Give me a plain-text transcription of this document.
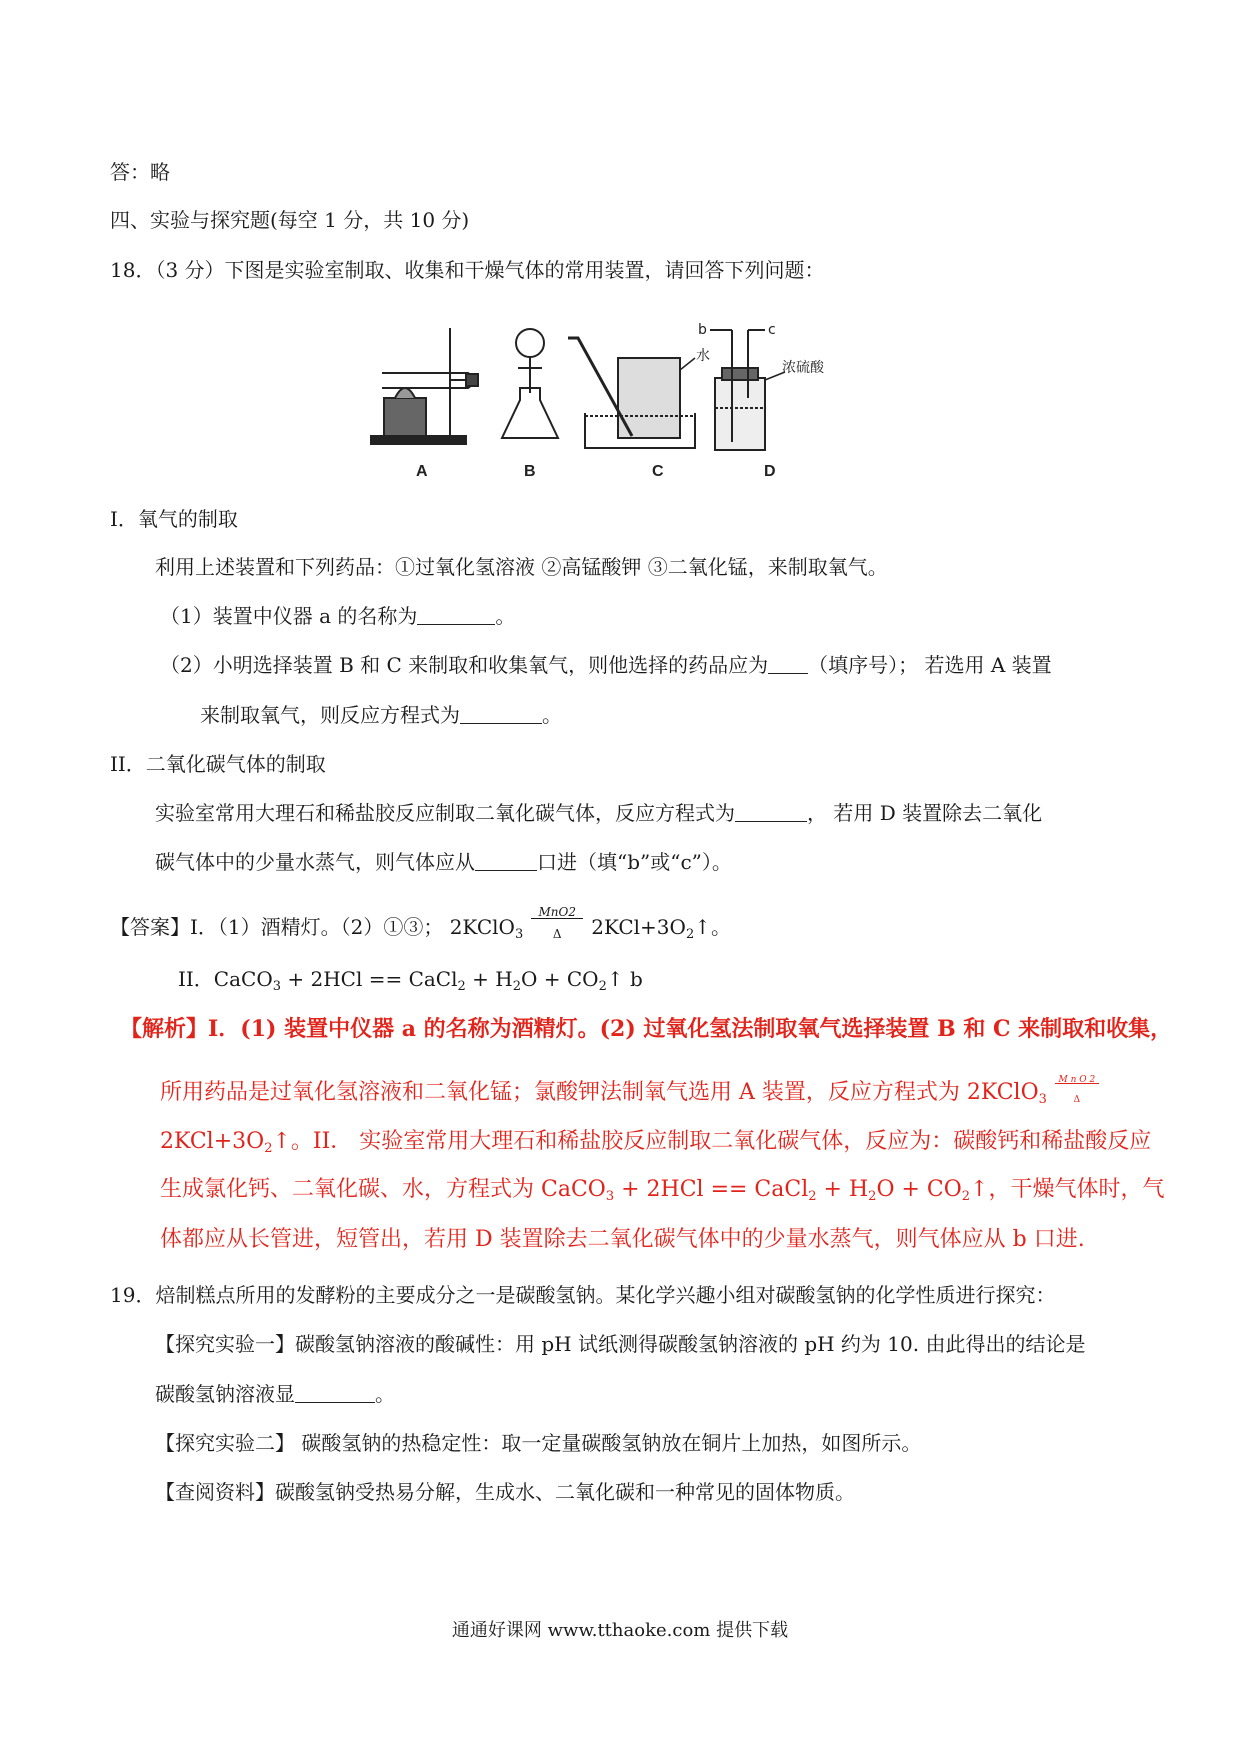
答：略
四、实验与探究题(每空 1 分，共 10 分)
18．（3 分）下图是实验室制取、收集和干燥气体的常用装置，请回答下列问题：
A	B	C	D
水
浓硫酸
b	c
I．氧气的制取
利用上述装置和下列药品：①过氧化氢溶液 ②高锰酸钾 ③二氧化锰，来制取氧气。
（1）装置中仪器 a 的名称为	。
（2）小明选择装置 B 和 C 来制取和收集氧气，则他选择的药品应为 （填序号）； 若选用 A 装置
来制取氧气，则反应方程式为	。
II．二氧化碳气体的制取
实验室常用大理石和稀盐胶反应制取二氧化碳气体，反应方程式为	， 若用 D 装置除去二氧化
碳气体中的少量水蒸气，则气体应从	口进（填“b”或“c”）。
【答案】I．（1）酒精灯。（2）①③； 2KClO$_3$
MnO2
Δ	$2KCl+3O_2↑$。
II．CaCO$_3$ + 2HCl == CaCl$_2$ + $H_2O$ + $CO_2↑$ b
【解析】I．(1) 装置中仪器 a 的名称为酒精灯。(2) 过氧化氢法制取氧气选择装置 B 和 C 来制取和收集，
所用药品是过氧化氢溶液和二氧化锰；氯酸钾法制氧气选用 A 装置，反应方程式为 2KClO$_3$
M n O 2
Δ
$2KCl+3O_2↑$。II． 实验室常用大理石和稀盐胶反应制取二氧化碳气体，反应为：碳酸钙和稀盐酸反应
生成氯化钙、二氧化碳、水，方程式为 CaCO$_3$ + 2HCl == CaCl$_2$ + $H_2O$ + $CO_2↑$，干燥气体时，气
体都应从长管进，短管出，若用 D 装置除去二氧化碳气体中的少量水蒸气，则气体应从 b 口进.
19．焙制糕点所用的发酵粉的主要成分之一是碳酸氢钠。某化学兴趣小组对碳酸氢钠的化学性质进行探究：
【探究实验一】碳酸氢钠溶液的酸碱性：用 pH 试纸测得碳酸氢钠溶液的 pH 约为 10. 由此得出的结论是
碳酸氢钠溶液显	。
【探究实验二】 碳酸氢钠的热稳定性：取一定量碳酸氢钠放在铜片上加热，如图所示。
【查阅资料】碳酸氢钠受热易分解，生成水、二氧化碳和一种常见的固体物质。
通通好课网 www.tthaoke.com 提供下载
